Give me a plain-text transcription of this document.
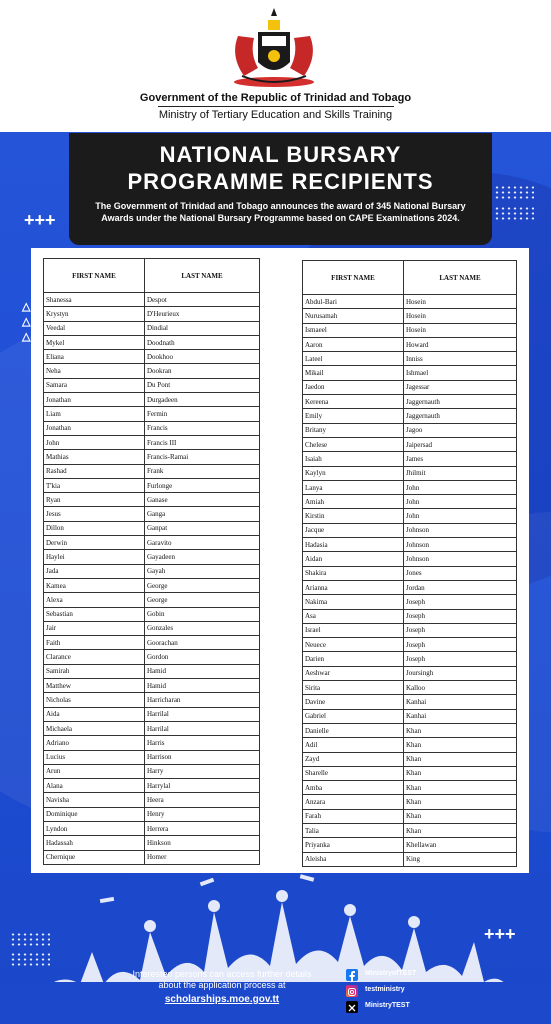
Government of the Republic of Trinidad and Tobago
Ministry of Tertiary Education and Skills Training
+++
+++
△
△
△
NATIONAL BURSARY
PROGRAMME RECIPIENTS
The Government of Trinidad and Tobago announces the award of 345 National Bursary Awards under the National Bursary Programme based on CAPE Examinations 2024.
FIRST NAME	LAST NAME
Shanessa	Despot
Krystyn	D'Heurieux
Veedal	Dindial
Mykel	Doodnath
Eliana	Dookhoo
Neha	Dookran
Samara	Du Pont
Jonathan	Durgadeen
Liam	Fermin
Jonathan	Francis
John	Francis III
Mathias	Francis-Ramai
Rashad	Frank
T'kia	Furlonge
Ryan	Ganase
Jesus	Ganga
Dillon	Ganpat
Derwin	Garavito
Haylei	Gayadeen
Jada	Gayah
Kamea	George
Alexa	George
Sebastian	Gobin
Jair	Gonzales
Faith	Goorachan
Clarance	Gordon
Samirah	Hamid
Matthew	Hamid
Nicholas	Harricharan
Aida	Harrilal
Michaela	Harrilal
Adriano	Harris
Lucius	Harrison
Arun	Harry
Alana	Harrylal
Navisha	Heera
Dominique	Henry
Lyndon	Herrera
Hadassah	Hinkson
Chernique	Homer
FIRST NAME	LAST NAME
Abdul-Bari	Hosein
Nurusamah	Hosein
Ismaeel	Hosein
Aaron	Howard
Lateel	Inniss
Mikail	Ishmael
Jaedon	Jagessar
Kereena	Jaggernauth
Emily	Jaggernauth
Britany	Jagoo
Chelese	Jaipersad
Isaiah	James
Kaylyn	Jhilmit
Lanya	John
Amiah	John
Kirstin	John
Jacque	Johnson
Hadasia	Johnson
Aidan	Johnson
Shakira	Jones
Arianna	Jordan
Nakima	Joseph
Asa	Joseph
Israel	Joseph
Neuece	Joseph
Darien	Joseph
Aeshwar	Joursingh
Sirita	Kalloo
Davine	Kanhai
Gabriel	Kanhai
Danielle	Khan
Adil	Khan
Zayd	Khan
Sharelle	Khan
Amba	Khan
Anzara	Khan
Farah	Khan
Talia	Khan
Priyanka	Khellawan
Aleisha	King
Interested persons can access further details
about the application process at
scholarships.moe.gov.tt
MinistryofTEST
testministry
MinistryTEST
